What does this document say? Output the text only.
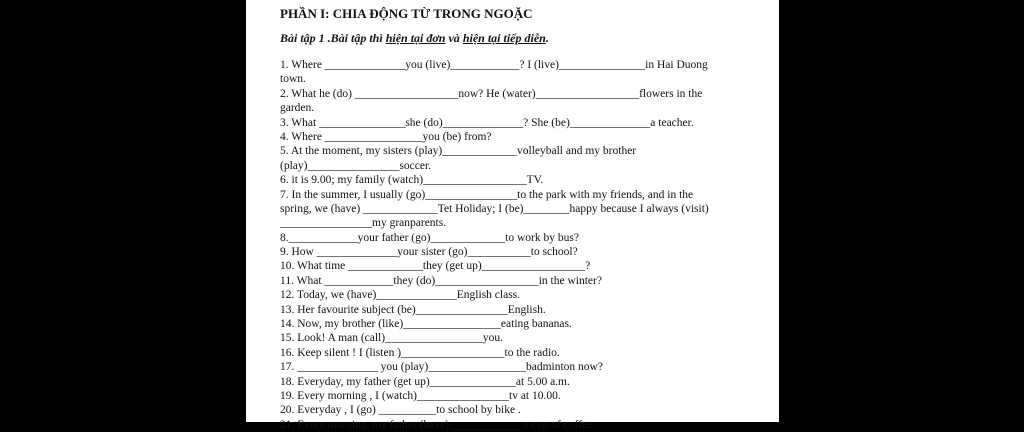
PHẦN I: CHIA ĐỘNG TỪ TRONG NGOẶC
Bài tập 1 .Bài tập thì hiện tại đơn và hiện tại tiếp diễn.
1. Where ______________you (live)____________? I (live)_______________in Hai Duong
town.
2. What he (do) __________________now? He (water)__________________flowers in the
garden.
3. What _______________she (do)______________? She (be)______________a teacher.
4. Where _________________you (be) from?
5. At the moment, my sisters (play)_____________volleyball and my brother
(play)________________soccer.
6. it is 9.00; my family (watch)__________________TV.
7. In the summer, I usually (go)________________to the park with my friends, and in the
spring, we (have) _____________Tet Holiday; I (be)________happy because I always (visit)
________________my granparents.
8.____________your father (go)_____________to work by bus?
9. How ______________your sister (go)___________to school?
10. What time _____________they (get up)__________________?
11. What ____________they (do)__________________in the winter?
12. Today, we (have)______________English class.
13. Her favourite subject (be)________________English.
14. Now, my brother (like)_________________eating bananas.
15. Look! A man (call)_________________you.
16. Keep silent ! I (listen )__________________to the radio.
17. ______________ you (play)_________________badminton now?
18. Everyday, my father (get up)_______________at 5.00 a.m.
19. Every morning , I (watch)________________tv at 10.00.
20. Everyday , I (go) __________to school by bike .
21. Every morning, my father (have) ____________ a cup of coffee.
